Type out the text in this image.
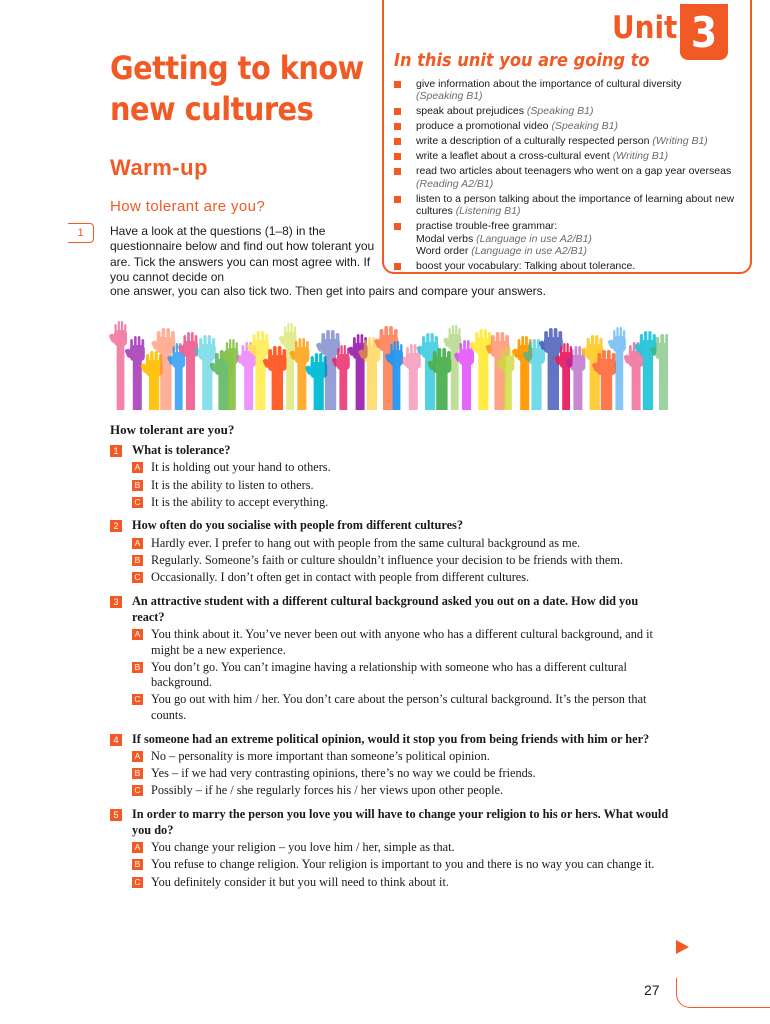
Getting to know
new cultures
Warm-up
How tolerant are you?
1	Have a look at the questions (1–8) in the questionnaire below and find out how tolerant you are. Tick the answers you can most agree with. If you cannot decide on
one answer, you can also tick two. Then get into pairs and compare your answers.
Unit 3
In this unit you are going to
give information about the importance of cultural diversity
(Speaking B1)
speak about prejudices (Speaking B1)
produce a promotional video (Speaking B1)
write a description of a culturally respected person (Writing B1)
write a leaflet about a cross-cultural event (Writing B1)
read two articles about teenagers who went on a gap year overseas (Reading A2/B1)
listen to a person talking about the importance of learning about new cultures (Listening B1)
practise trouble-free grammar:
Modal verbs (Language in use A2/B1)
Word order (Language in use A2/B1)
boost your vocabulary: Talking about tolerance.
How tolerant are you?
1	What is tolerance?
A It is holding out your hand to others.
B It is the ability to listen to others.
C It is the ability to accept everything.
2	How often do you socialise with people from different cultures?
A Hardly ever. I prefer to hang out with people from the same cultural background as me.
B Regularly. Someone’s faith or culture shouldn’t influence your decision to be friends with them.
C Occasionally. I don’t often get in contact with people from different cultures.
3	An attractive student with a different cultural background asked you out on a date. How did you react?
A You think about it. You’ve never been out with anyone who has a different cultural background, and it might be a new experience.
B You don’t go. You can’t imagine having a relationship with someone who has a different cultural background.
C You go out with him / her. You don’t care about the person’s cultural background. It’s the person that counts.
4	If someone had an extreme political opinion, would it stop you from being friends with him or her?
A No – personality is more important than someone’s political opinion.
B Yes – if we had very contrasting opinions, there’s no way we could be friends.
C Possibly – if he / she regularly forces his / her views upon other people.
5	In order to marry the person you love you will have to change your religion to his or hers. What would you do?
A You change your religion – you love him / her, simple as that.
B You refuse to change religion. Your religion is important to you and there is no way you can change it.
C You definitely consider it but you will need to think about it.
27
